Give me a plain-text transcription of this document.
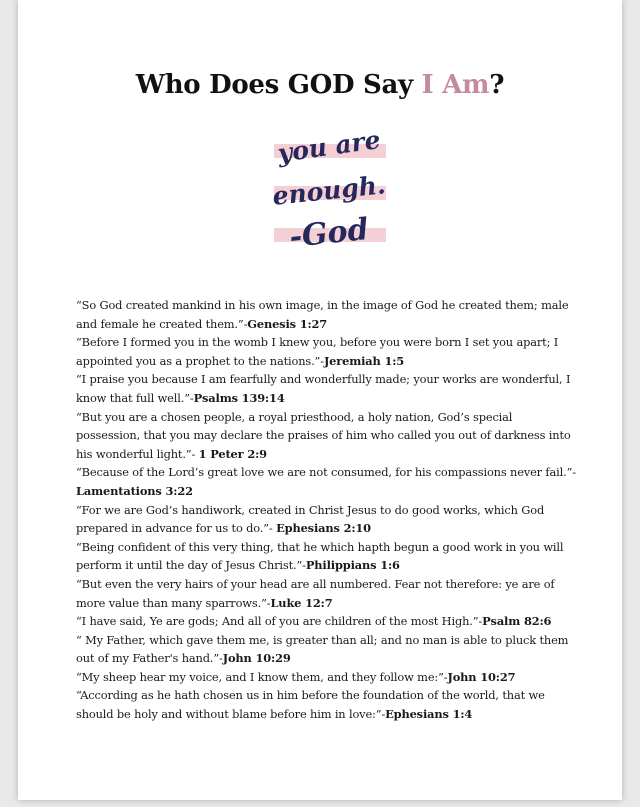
Who Does GOD Say I Am?
you are
enough.
-God

“So God created mankind in his own image, in the image of God he created them; male and female he created them.”-Genesis 1:27

“Before I formed you in the womb I knew you, before you were born I set you apart; I appointed you as a prophet to the nations.”-Jeremiah 1:5

“I praise you because I am fearfully and wonderfully made; your works are wonderful, I know that full well.”-Psalms 139:14

“But you are a chosen people, a royal priesthood, a holy nation, God’s special possession, that you may declare the praises of him who called you out of darkness into his wonderful light.”- 1 Peter 2:9

“Because of the Lord’s great love we are not consumed, for his compassions never fail.”-Lamentations 3:22

“For we are God’s handiwork, created in Christ Jesus to do good works, which God prepared in advance for us to do.”- Ephesians 2:10

“Being confident of this very thing, that he which hapth begun a good work in you will perform it until the day of Jesus Christ.”-Philippians 1:6

“But even the very hairs of your head are all numbered. Fear not therefore: ye are of more value than many sparrows.”-Luke 12:7

“I have said, Ye are gods; And all of you are children of the most High.”-Psalm 82:6

“ My Father, which gave them me, is greater than all; and no man is able to pluck them out of my Father's hand.”-John 10:29

“My sheep hear my voice, and I know them, and they follow me:”-John 10:27

“According as he hath chosen us in him before the foundation of the world, that we should be holy and without blame before him in love:”-Ephesians 1:4
